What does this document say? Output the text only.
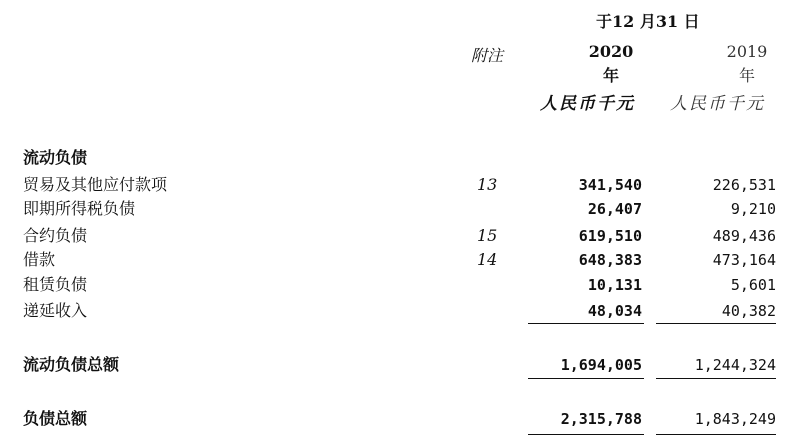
于12 月31 日
附注	2020
年
2019
年
人民币千元 人民币千元
流动负债
贸易及其他应付款项	13	341,540	226,531
即期所得税负债	26,407	9,210
合约负债	15	619,510	489,436
借款	14	648,383	473,164
租赁负债	10,131	5,601
递延收入	48,034	40,382
流动负债总额	1,694,005	1,244,324
负债总额	2,315,788	1,843,249
